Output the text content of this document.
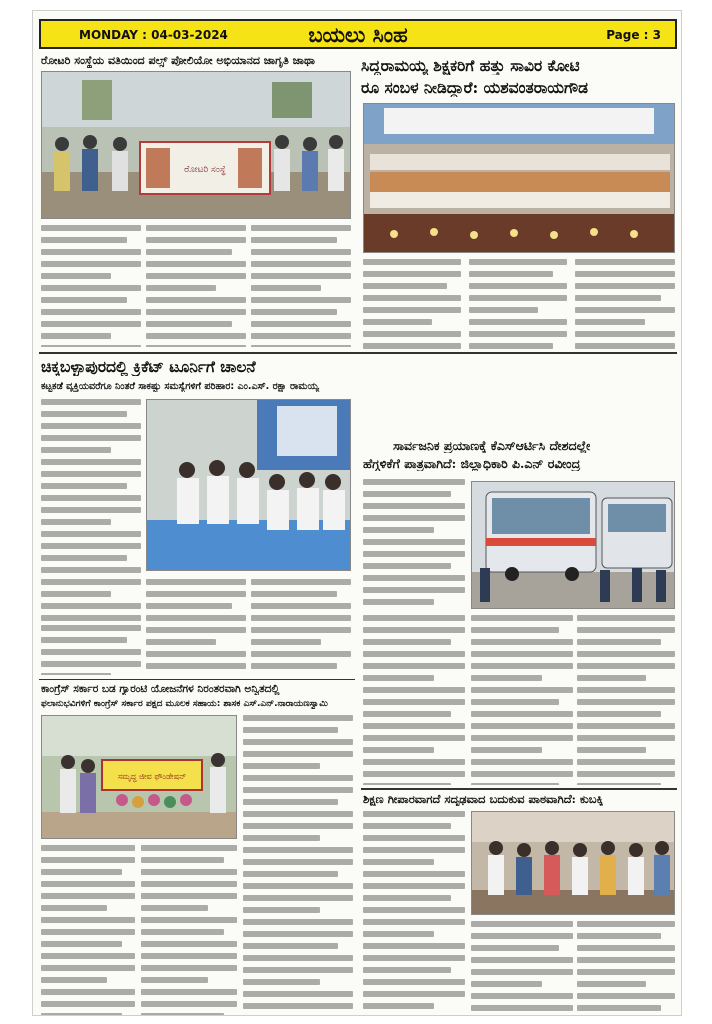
MONDAY : 04-03-2024	ಬಯಲು ಸಿಂಹ	Page : 3
ರೋಟರಿ ಸಂಸ್ಥೆಯ ವತಿಯಿಂದ ಪಲ್ಸ್ ಪೋಲಿಯೋ ಅಭಿಯಾನದ ಜಾಗೃತಿ ಜಾಥಾ
ರೋಟರಿ ಸಂಸ್ಥೆ
ಸಿದ್ದರಾಮಯ್ಯ ಶಿಕ್ಷಕರಿಗೆ ಹತ್ತು ಸಾವಿರ ಕೋಟಿ
ರೂ ಸಂಬಳ ನೀಡಿದ್ದಾರೆ: ಯಶವಂತರಾಯಗೌಡ
ಚಿಕ್ಕಬಳ್ಳಾಪುರದಲ್ಲಿ ಕ್ರಿಕೆಟ್ ಟೂರ್ನಿಗೆ ಚಾಲನೆ
ಕಟ್ಟಕಡೆ ವ್ಯಕ್ತಿಯವರೆಗೂ ನಿಂತರೆ ಸಾಕಷ್ಟು ಸಮಸ್ಯೆಗಳಿಗೆ ಪರಿಹಾರ: ಎಂ.ಎಸ್. ರಕ್ಷಾ ರಾಮಯ್ಯ
ಸಾರ್ವಜನಿಕ ಪ್ರಯಾಣಕ್ಕೆ ಕೆಎಸ್ಆರ್ಟಿಸಿ ದೇಶದಲ್ಲೇ
ಹೆಗ್ಗಳಿಕೆಗೆ ಪಾತ್ರವಾಗಿದೆ: ಜಿಲ್ಲಾಧಿಕಾರಿ ಪಿ.ಎನ್ ರವೀಂದ್ರ
ಕಾಂಗ್ರೆಸ್ ಸರ್ಕಾರ ಬಡ ಗ್ಯಾರಂಟಿ ಯೋಜನೆಗಳ ನಿರಂತರವಾಗಿ ಅನ್ವಿತದಲ್ಲಿ
ಫಲಾನುಭವಿಗಳಿಗೆ ಕಾಂಗ್ರೆಸ್ ಸರ್ಕಾರ ಪಕ್ಷದ ಮೂಲಕ ಸಹಾಯ: ಶಾಸಕ ಎಸ್.ಎನ್.ನಾರಾಯಣಸ್ವಾಮಿ
ಸಮೃದ್ಧ ಜೀವ ಫೌಂಡೇಷನ್
ಶಿಕ್ಷಣ ಗೀಪಾರವಾಗದೆ ಸದೃಢವಾದ ಬದುಕುವ ಪಾಠವಾಗಿದೆ: ಕುಬಕ್ಕಿ
